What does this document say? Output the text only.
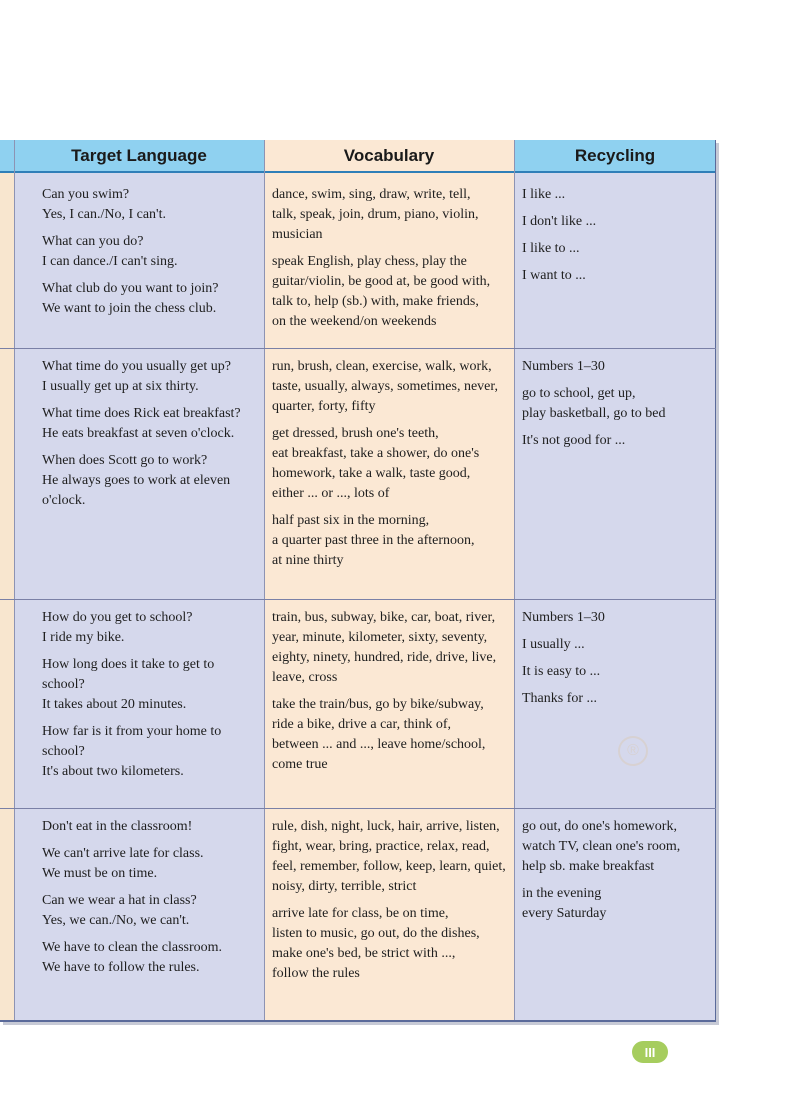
Target Language	Vocabulary	Recycling

Can you swim?
Yes, I can./No, I can't.

What can you do?
I can dance./I can't sing.

What club do you want to join?
We want to join the chess club.

dance, swim, sing, draw, write, tell,
talk, speak, join, drum, piano, violin,
musician

speak English, play chess, play the
guitar/violin, be good at, be good with,
talk to, help (sb.) with, make friends,
on the weekend/on weekends

I like ...

I don't like ...

I like to ...

I want to ...

What time do you usually get up?
I usually get up at six thirty.

What time does Rick eat breakfast?
He eats breakfast at seven o'clock.

When does Scott go to work?
He always goes to work at eleven
o'clock.

run, brush, clean, exercise, walk, work,
taste, usually, always, sometimes, never,
quarter, forty, fifty

get dressed, brush one's teeth,
eat breakfast, take a shower, do one's
homework, take a walk, taste good,
either ... or ..., lots of

half past six in the morning,
a quarter past three in the afternoon,
at nine thirty

Numbers 1–30

go to school, get up,
play basketball, go to bed

It's not good for ...

How do you get to school?
I ride my bike.

How long does it take to get to
school?
It takes about 20 minutes.

How far is it from your home to
school?
It's about two kilometers.

train, bus, subway, bike, car, boat, river,
year, minute, kilometer, sixty, seventy,
eighty, ninety, hundred, ride, drive, live,
leave, cross

take the train/bus, go by bike/subway,
ride a bike, drive a car, think of,
between ... and ..., leave home/school,
come true

Numbers 1–30

I usually ...

It is easy to ...

Thanks for ...

Don't eat in the classroom!

We can't arrive late for class.
We must be on time.

Can we wear a hat in class?
Yes, we can./No, we can't.

We have to clean the classroom.
We have to follow the rules.

rule, dish, night, luck, hair, arrive, listen,
fight, wear, bring, practice, relax, read,
feel, remember, follow, keep, learn, quiet,
noisy, dirty, terrible, strict

arrive late for class, be on time,
listen to music, go out, do the dishes,
make one's bed, be strict with ...,
follow the rules

go out, do one's homework,
watch TV, clean one's room,
help sb. make breakfast

in the evening
every Saturday

®
III
